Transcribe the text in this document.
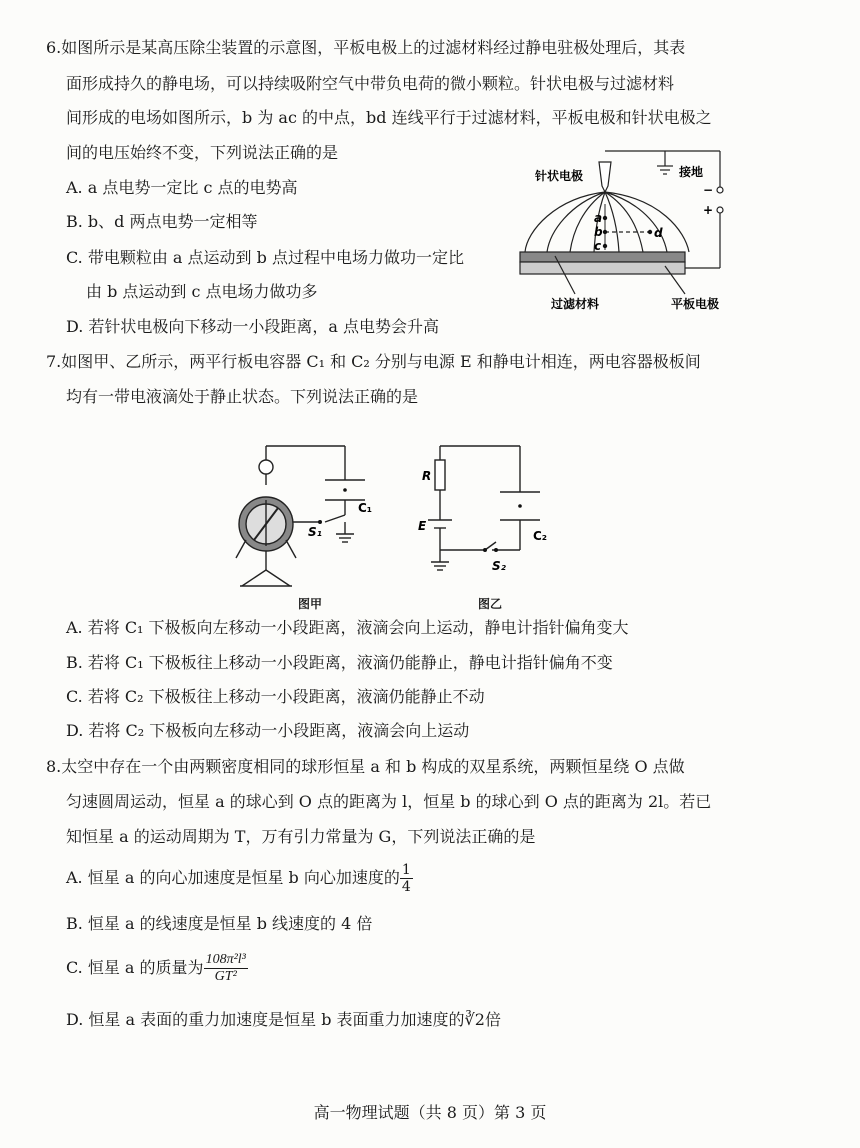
6.如图所示是某高压除尘装置的示意图，平板电极上的过滤材料经过静电驻极处理后，其表
面形成持久的静电场，可以持续吸附空气中带负电荷的微小颗粒。针状电极与过滤材料
间形成的电场如图所示，b 为 ac 的中点，bd 连线平行于过滤材料，平板电极和针状电极之
间的电压始终不变，下列说法正确的是
A. a 点电势一定比 c 点的电势高
B. b、d 两点电势一定相等
C. 带电颗粒由 a 点运动到 b 点过程中电场力做功一定比
由 b 点运动到 c 点电场力做功多
D. 若针状电极向下移动一小段距离，a 点电势会升高
针状电极	接地
−
+
a
b
c
d
过滤材料	平板电极
7.如图甲、乙所示，两平行板电容器 C₁ 和 C₂ 分别与电源 E 和静电计相连，两电容器极板间
均有一带电液滴处于静止状态。下列说法正确的是
C₁
S₁
R
E
C₂
S₂
图甲	图乙
A. 若将 C₁ 下极板向左移动一小段距离，液滴会向上运动，静电计指针偏角变大
B. 若将 C₁ 下极板往上移动一小段距离，液滴仍能静止，静电计指针偏角不变
C. 若将 C₂ 下极板往上移动一小段距离，液滴仍能静止不动
D. 若将 C₂ 下极板向左移动一小段距离，液滴会向上运动
8.太空中存在一个由两颗密度相同的球形恒星 a 和 b 构成的双星系统，两颗恒星绕 O 点做
匀速圆周运动，恒星 a 的球心到 O 点的距离为 l，恒星 b 的球心到 O 点的距离为 2l。若已
知恒星 a 的运动周期为 T，万有引力常量为 G，下列说法正确的是
A. 恒星 a 的向心加速度是恒星 b 向心加速度的 $\frac{1}{4}$
B. 恒星 a 的线速度是恒星 b 线速度的 4 倍
C. 恒星 a 的质量为 $\frac{\text{108π²l³}}{\text{GT²}}$
D. 恒星 a 表面的重力加速度是恒星 b 表面重力加速度的∛2倍
高一物理试题（共 8 页）第 3 页
